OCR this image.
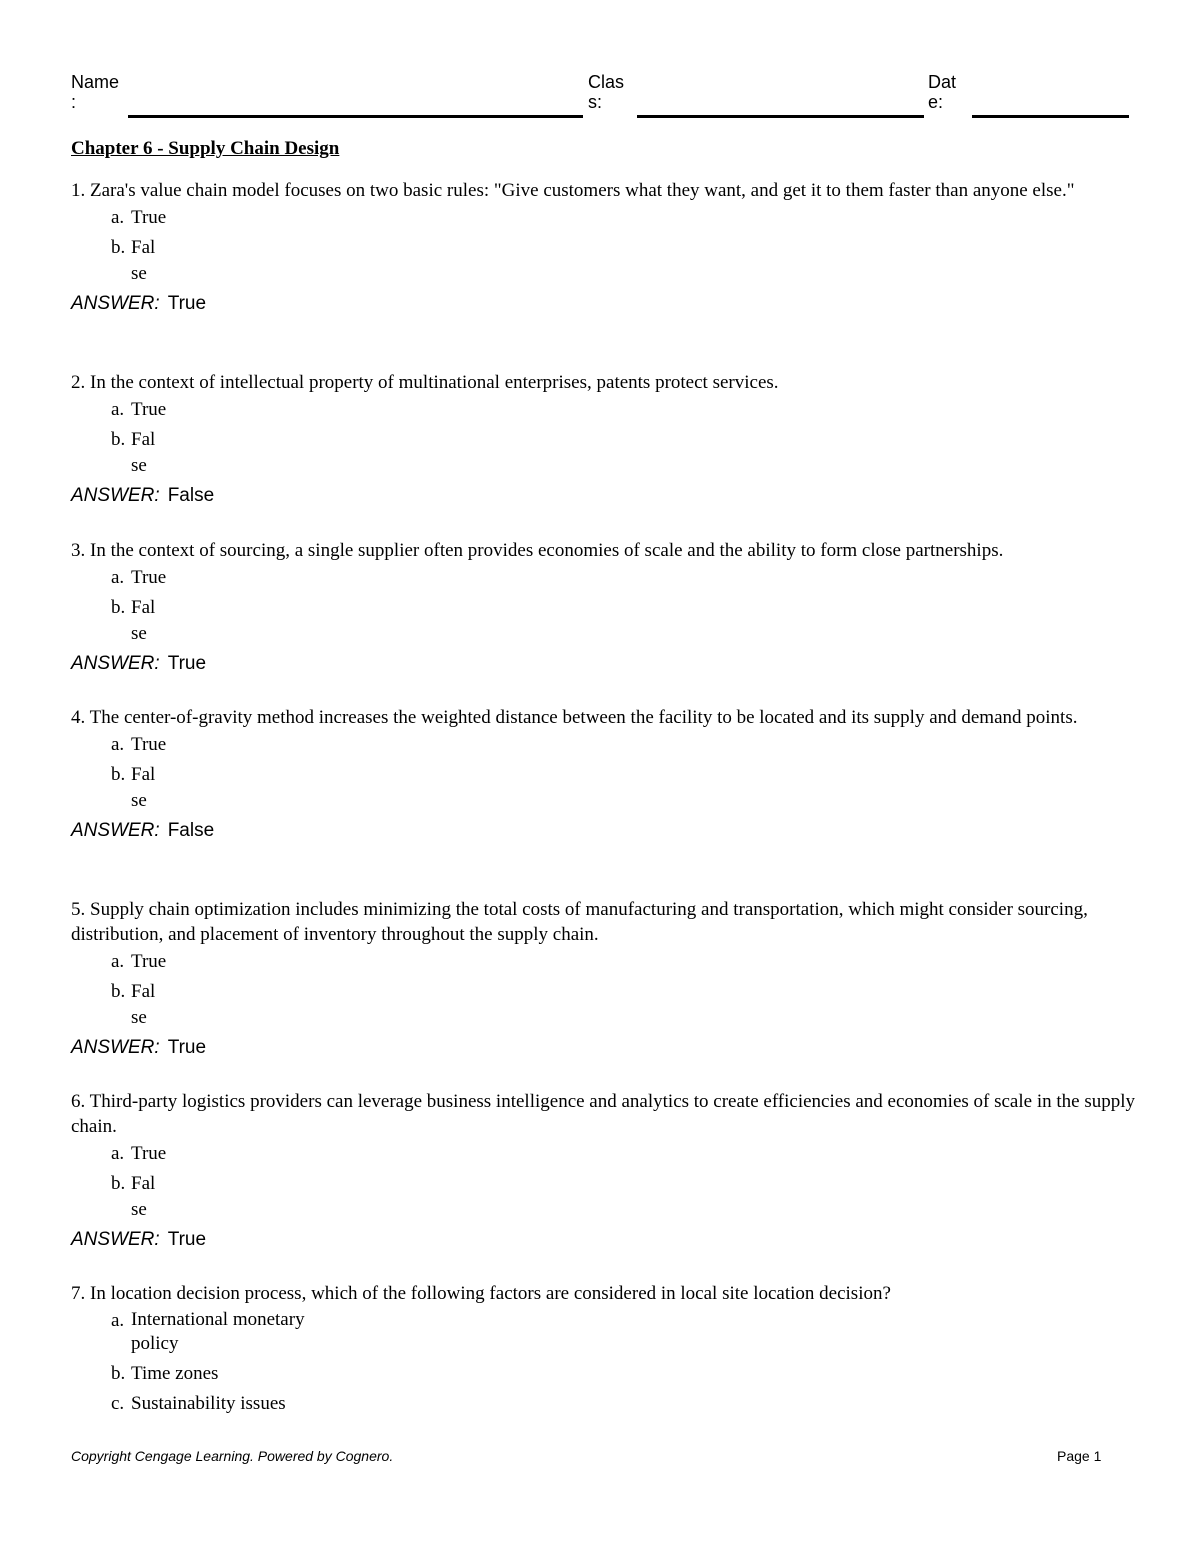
Name
:
Clas
s:
Dat
e:
Chapter 6 - Supply Chain Design

1. Zara's value chain model focuses on two basic rules: "Give customers what they want, and get it to them faster than anyone else."

a. True
b. False
ANSWER: True

2. In the context of intellectual property of multinational enterprises, patents protect services.

a. True
b. False
ANSWER: False

3. In the context of sourcing, a single supplier often provides economies of scale and the ability to form close partnerships.

a. True
b. False
ANSWER: True

4. The center-of-gravity method increases the weighted distance between the facility to be located and its supply and demand points.

a. True
b. False
ANSWER: False

5. Supply chain optimization includes minimizing the total costs of manufacturing and transportation, which might consider sourcing, distribution, and placement of inventory throughout the supply chain.

a. True
b. False
ANSWER: True

6. Third-party logistics providers can leverage business intelligence and analytics to create efficiencies and economies of scale in the supply chain.

a. True
b. False
ANSWER: True

7. In location decision process, which of the following factors are considered in local site location decision?

a. International monetary policy
b. Time zones
c. Sustainability issues
Copyright Cengage Learning. Powered by Cognero.	Page 1
